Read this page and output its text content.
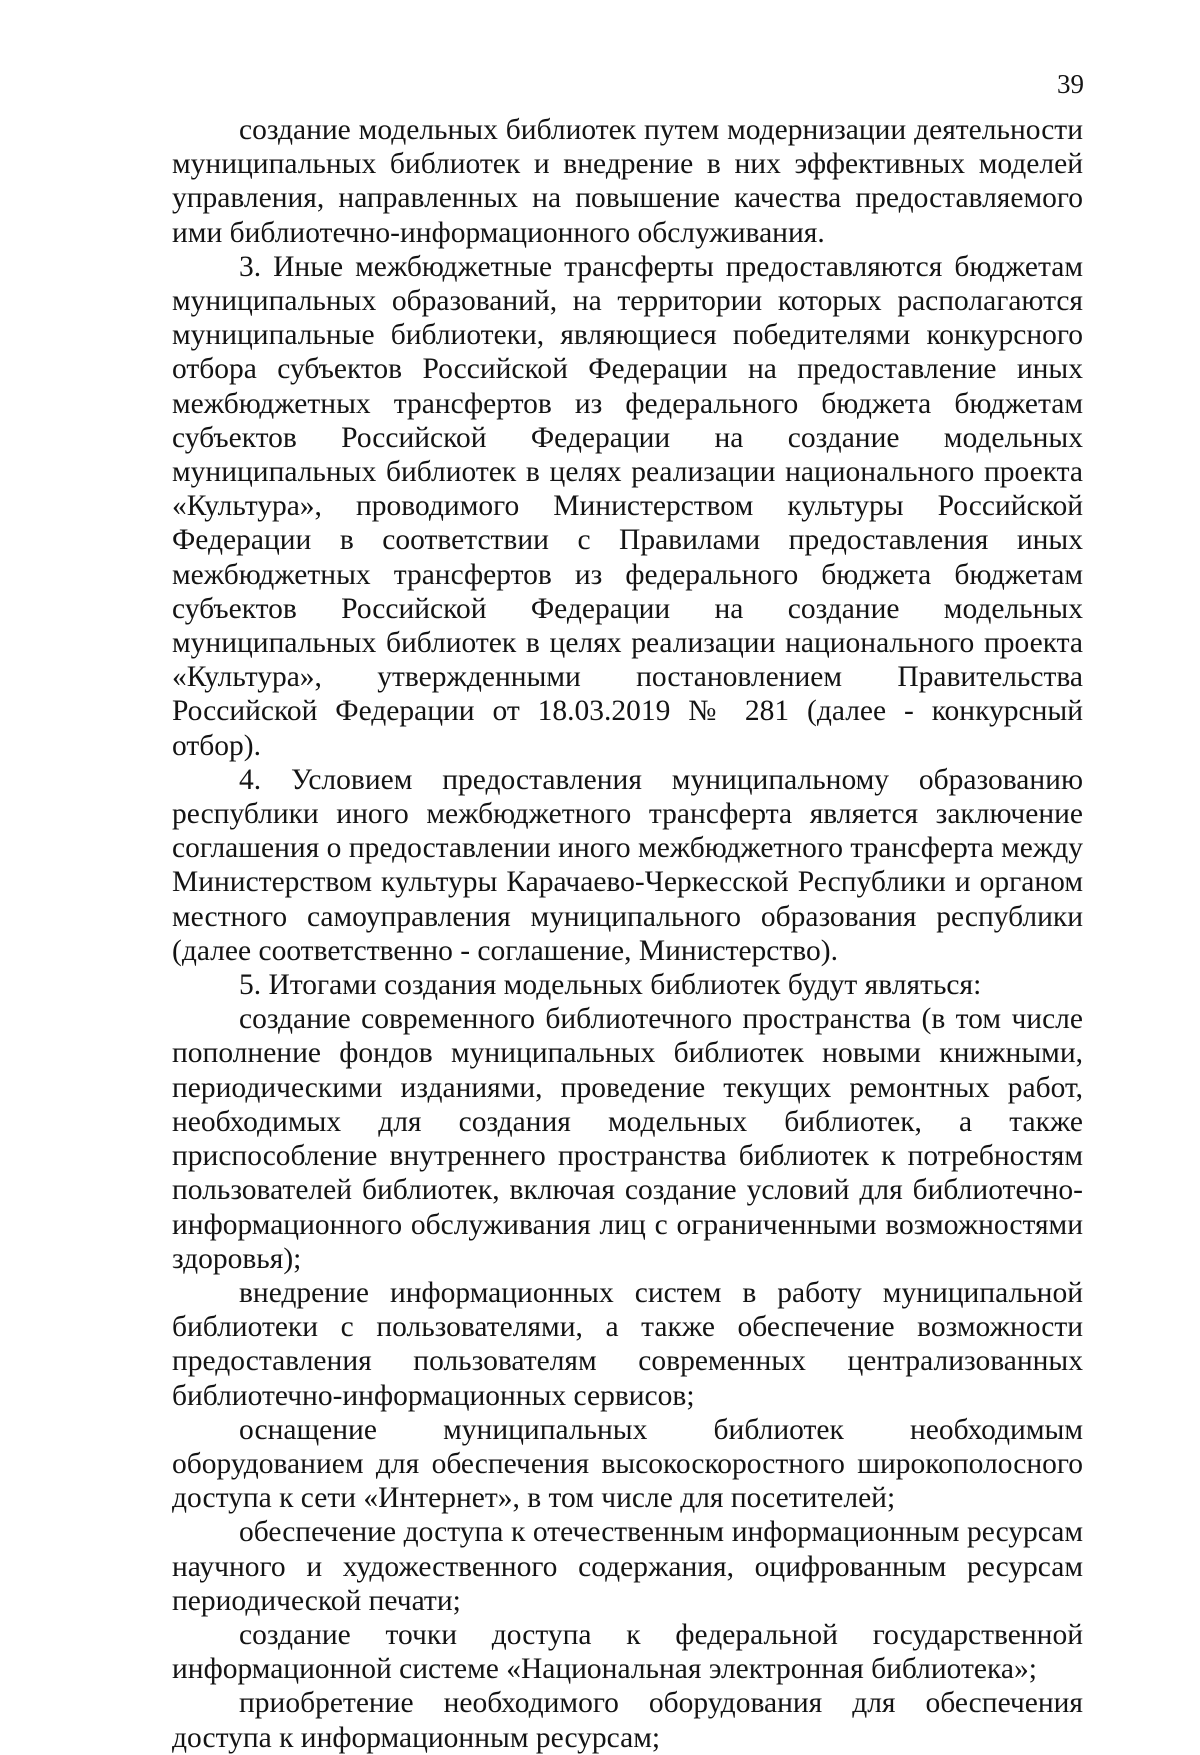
39

создание модельных библиотек путем модернизации деятельности муниципальных библиотек и внедрение в них эффективных моделей управления, направленных на повышение качества предоставляемого ими библиотечно-информационного обслуживания.

3. Иные межбюджетные трансферты предоставляются бюджетам муниципальных образований, на территории которых располагаются муниципальные библиотеки, являющиеся победителями конкурсного отбора субъектов Российской Федерации на предоставление иных межбюджетных трансфертов из федерального бюджета бюджетам субъектов Российской Федерации на создание модельных муниципальных библиотек в целях реализации национального проекта «Культура», проводимого Министерством культуры Российской Федерации в соответствии с Правилами предоставления иных межбюджетных трансфертов из федерального бюджета бюджетам субъектов Российской Федерации на создание модельных муниципальных библиотек в целях реализации национального проекта «Культура», утвержденными постановлением Правительства Российской Федерации от 18.03.2019 № 281 (далее - конкурсный отбор).

4. Условием предоставления муниципальному образованию республики иного межбюджетного трансферта является заключение соглашения о предоставлении иного межбюджетного трансферта между Министерством культуры Карачаево-Черкесской Республики и органом местного самоуправления муниципального образования республики (далее соответственно - соглашение, Министерство).

5. Итогами создания модельных библиотек будут являться:

создание современного библиотечного пространства (в том числе пополнение фондов муниципальных библиотек новыми книжными, периодическими изданиями, проведение текущих ремонтных работ, необходимых для создания модельных библиотек, а также приспособление внутреннего пространства библиотек к потребностям пользователей библиотек, включая создание условий для библиотечно-информационного обслуживания лиц с ограниченными возможностями здоровья);

внедрение информационных систем в работу муниципальной библиотеки с пользователями, а также обеспечение возможности предоставления пользователям современных централизованных библиотечно-информационных сервисов;

оснащение муниципальных библиотек необходимым оборудованием для обеспечения высокоскоростного широкополосного доступа к сети «Интернет», в том числе для посетителей;

обеспечение доступа к отечественным информационным ресурсам научного и художественного содержания, оцифрованным ресурсам периодической печати;

создание точки доступа к федеральной государственной информационной системе «Национальная электронная библиотека»;

приобретение необходимого оборудования для обеспечения доступа к информационным ресурсам;
